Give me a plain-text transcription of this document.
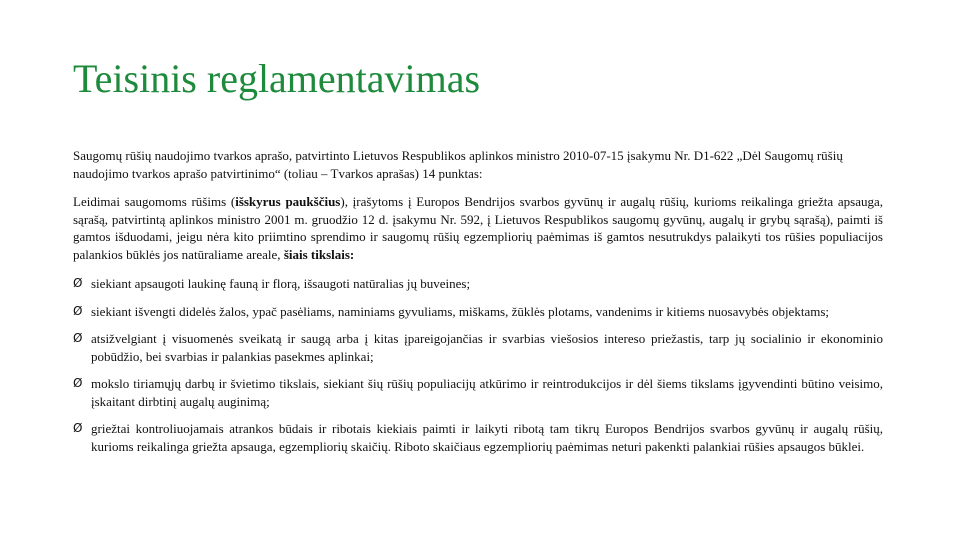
Teisinis reglamentavimas

Saugomų rūšių naudojimo tvarkos aprašo, patvirtinto Lietuvos Respublikos aplinkos ministro 2010-07-15 įsakymu Nr. D1-622 „Dėl Saugomų rūšių naudojimo tvarkos aprašo patvirtinimo“ (toliau – Tvarkos aprašas) 14 punktas:

Leidimai saugomoms rūšims (išskyrus paukščius), įrašytoms į Europos Bendrijos svarbos gyvūnų ir augalų rūšių, kurioms reikalinga griežta apsauga, sąrašą, patvirtintą aplinkos ministro 2001 m. gruodžio 12 d. įsakymu Nr. 592, į Lietuvos Respublikos saugomų gyvūnų, augalų ir grybų sąrašą), paimti iš gamtos išduodami, jeigu nėra kito priimtino sprendimo ir saugomų rūšių egzempliorių paėmimas iš gamtos nesutrukdys palaikyti tos rūšies populiacijos palankios būklės jos natūraliame areale, šiais tikslais:

Ø siekiant apsaugoti laukinę fauną ir florą, išsaugoti natūralias jų buveines;
Ø siekiant išvengti didelės žalos, ypač pasėliams, naminiams gyvuliams, miškams, žūklės plotams, vandenims ir kitiems nuosavybės objektams;
Ø atsižvelgiant į visuomenės sveikatą ir saugą arba į kitas įpareigojančias ir svarbias viešosios intereso priežastis, tarp jų socialinio ir ekonominio pobūdžio, bei svarbias ir palankias pasekmes aplinkai;
Ø mokslo tiriamųjų darbų ir švietimo tikslais, siekiant šių rūšių populiacijų atkūrimo ir reintrodukcijos ir dėl šiems tikslams įgyvendinti būtino veisimo, įskaitant dirbtinį augalų auginimą;
Ø griežtai kontroliuojamais atrankos būdais ir ribotais kiekiais paimti ir laikyti ribotą tam tikrų Europos Bendrijos svarbos gyvūnų ir augalų rūšių, kurioms reikalinga griežta apsauga, egzempliorių skaičių. Riboto skaičiaus egzempliorių paėmimas neturi pakenkti palankiai rūšies apsaugos būklei.
